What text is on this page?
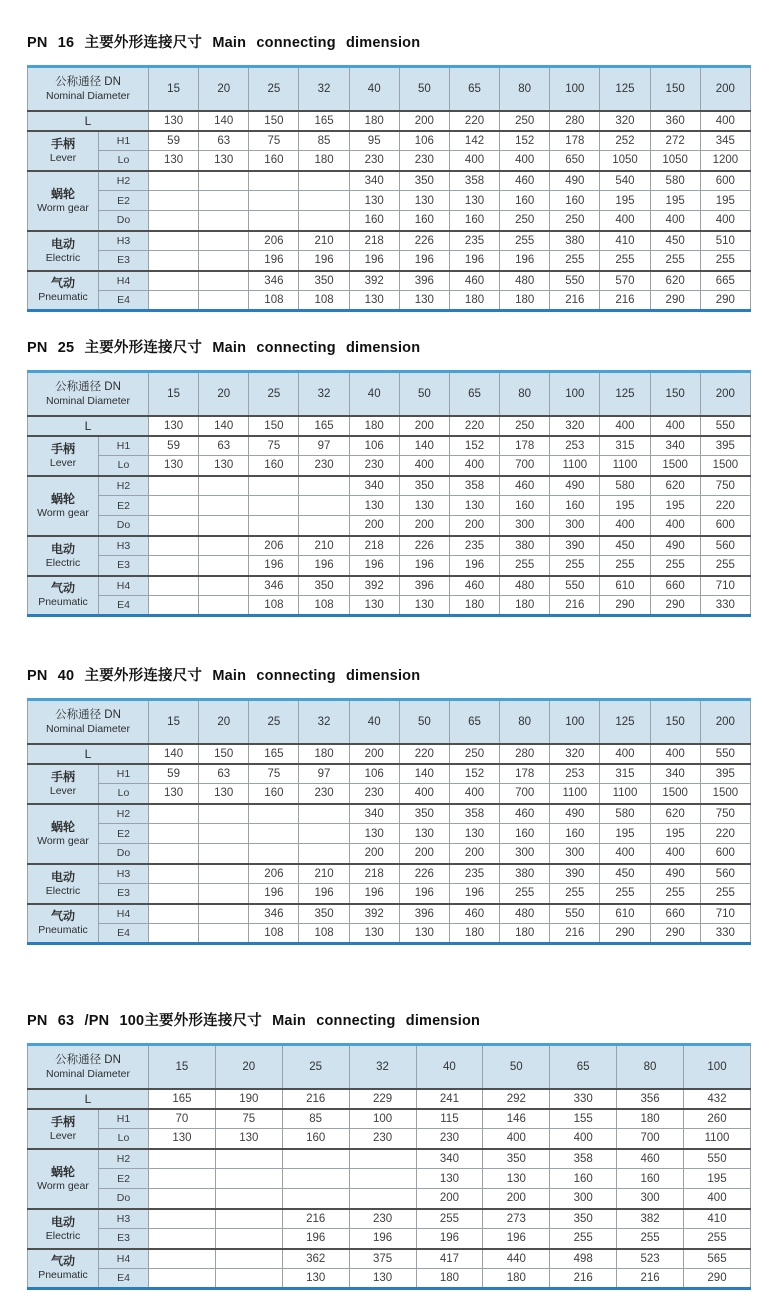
PN 16 主要外形连接尺寸 Main connecting dimension
公称通径 DN
Nominal Diameter		15	20	25	32	40	50	65	80	100	125	150	200
L		130	140	150	165	180	200	220	250	280	320	360	400

手柄
Lever	H1	59	63	75	85	95	106	142	152	178	252	272	345
	Lo	130	130	160	180	230	230	400	400	650	1050	1050	1200

蜗轮
Worm gear	H2					340	350	358	460	490	540	580	600
	E2					130	130	130	160	160	195	195	195
	Do					160	160	160	250	250	400	400	400

电动
Electric	H3			206	210	218	226	235	255	380	410	450	510
	E3			196	196	196	196	196	196	255	255	255	255

气动
Pneumatic	H4			346	350	392	396	460	480	550	570	620	665
	E4			108	108	130	130	180	180	216	216	290	290
PN 25 主要外形连接尺寸 Main connecting dimension
公称通径 DN
Nominal Diameter		15	20	25	32	40	50	65	80	100	125	150	200
L		130	140	150	165	180	200	220	250	320	400	400	550

手柄
Lever	H1	59	63	75	97	106	140	152	178	253	315	340	395
	Lo	130	130	160	230	230	400	400	700	1100	1100	1500	1500

蜗轮
Worm gear	H2					340	350	358	460	490	580	620	750
	E2					130	130	130	160	160	195	195	220
	Do					200	200	200	300	300	400	400	600

电动
Electric	H3			206	210	218	226	235	380	390	450	490	560
	E3			196	196	196	196	196	255	255	255	255	255

气动
Pneumatic	H4			346	350	392	396	460	480	550	610	660	710
	E4			108	108	130	130	180	180	216	290	290	330
PN 40 主要外形连接尺寸 Main connecting dimension
公称通径 DN
Nominal Diameter		15	20	25	32	40	50	65	80	100	125	150	200
L		140	150	165	180	200	220	250	280	320	400	400	550

手柄
Lever	H1	59	63	75	97	106	140	152	178	253	315	340	395
	Lo	130	130	160	230	230	400	400	700	1100	1100	1500	1500

蜗轮
Worm gear	H2					340	350	358	460	490	580	620	750
	E2					130	130	130	160	160	195	195	220
	Do					200	200	200	300	300	400	400	600

电动
Electric	H3			206	210	218	226	235	380	390	450	490	560
	E3			196	196	196	196	196	255	255	255	255	255

气动
Pneumatic	H4			346	350	392	396	460	480	550	610	660	710
	E4			108	108	130	130	180	180	216	290	290	330
PN 63 /PN 100主要外形连接尺寸 Main connecting dimension
公称通径 DN
Nominal Diameter		15	20	25	32	40	50	65	80	100
L		165	190	216	229	241	292	330	356	432

手柄
Lever	H1	70	75	85	100	115	146	155	180	260
	Lo	130	130	160	230	230	400	400	700	1100

蜗轮
Worm gear	H2					340	350	358	460	550
	E2					130	130	160	160	195
	Do					200	200	300	300	400

电动
Electric	H3			216	230	255	273	350	382	410
	E3			196	196	196	196	255	255	255

气动
Pneumatic	H4			362	375	417	440	498	523	565
	E4			130	130	180	180	216	216	290
